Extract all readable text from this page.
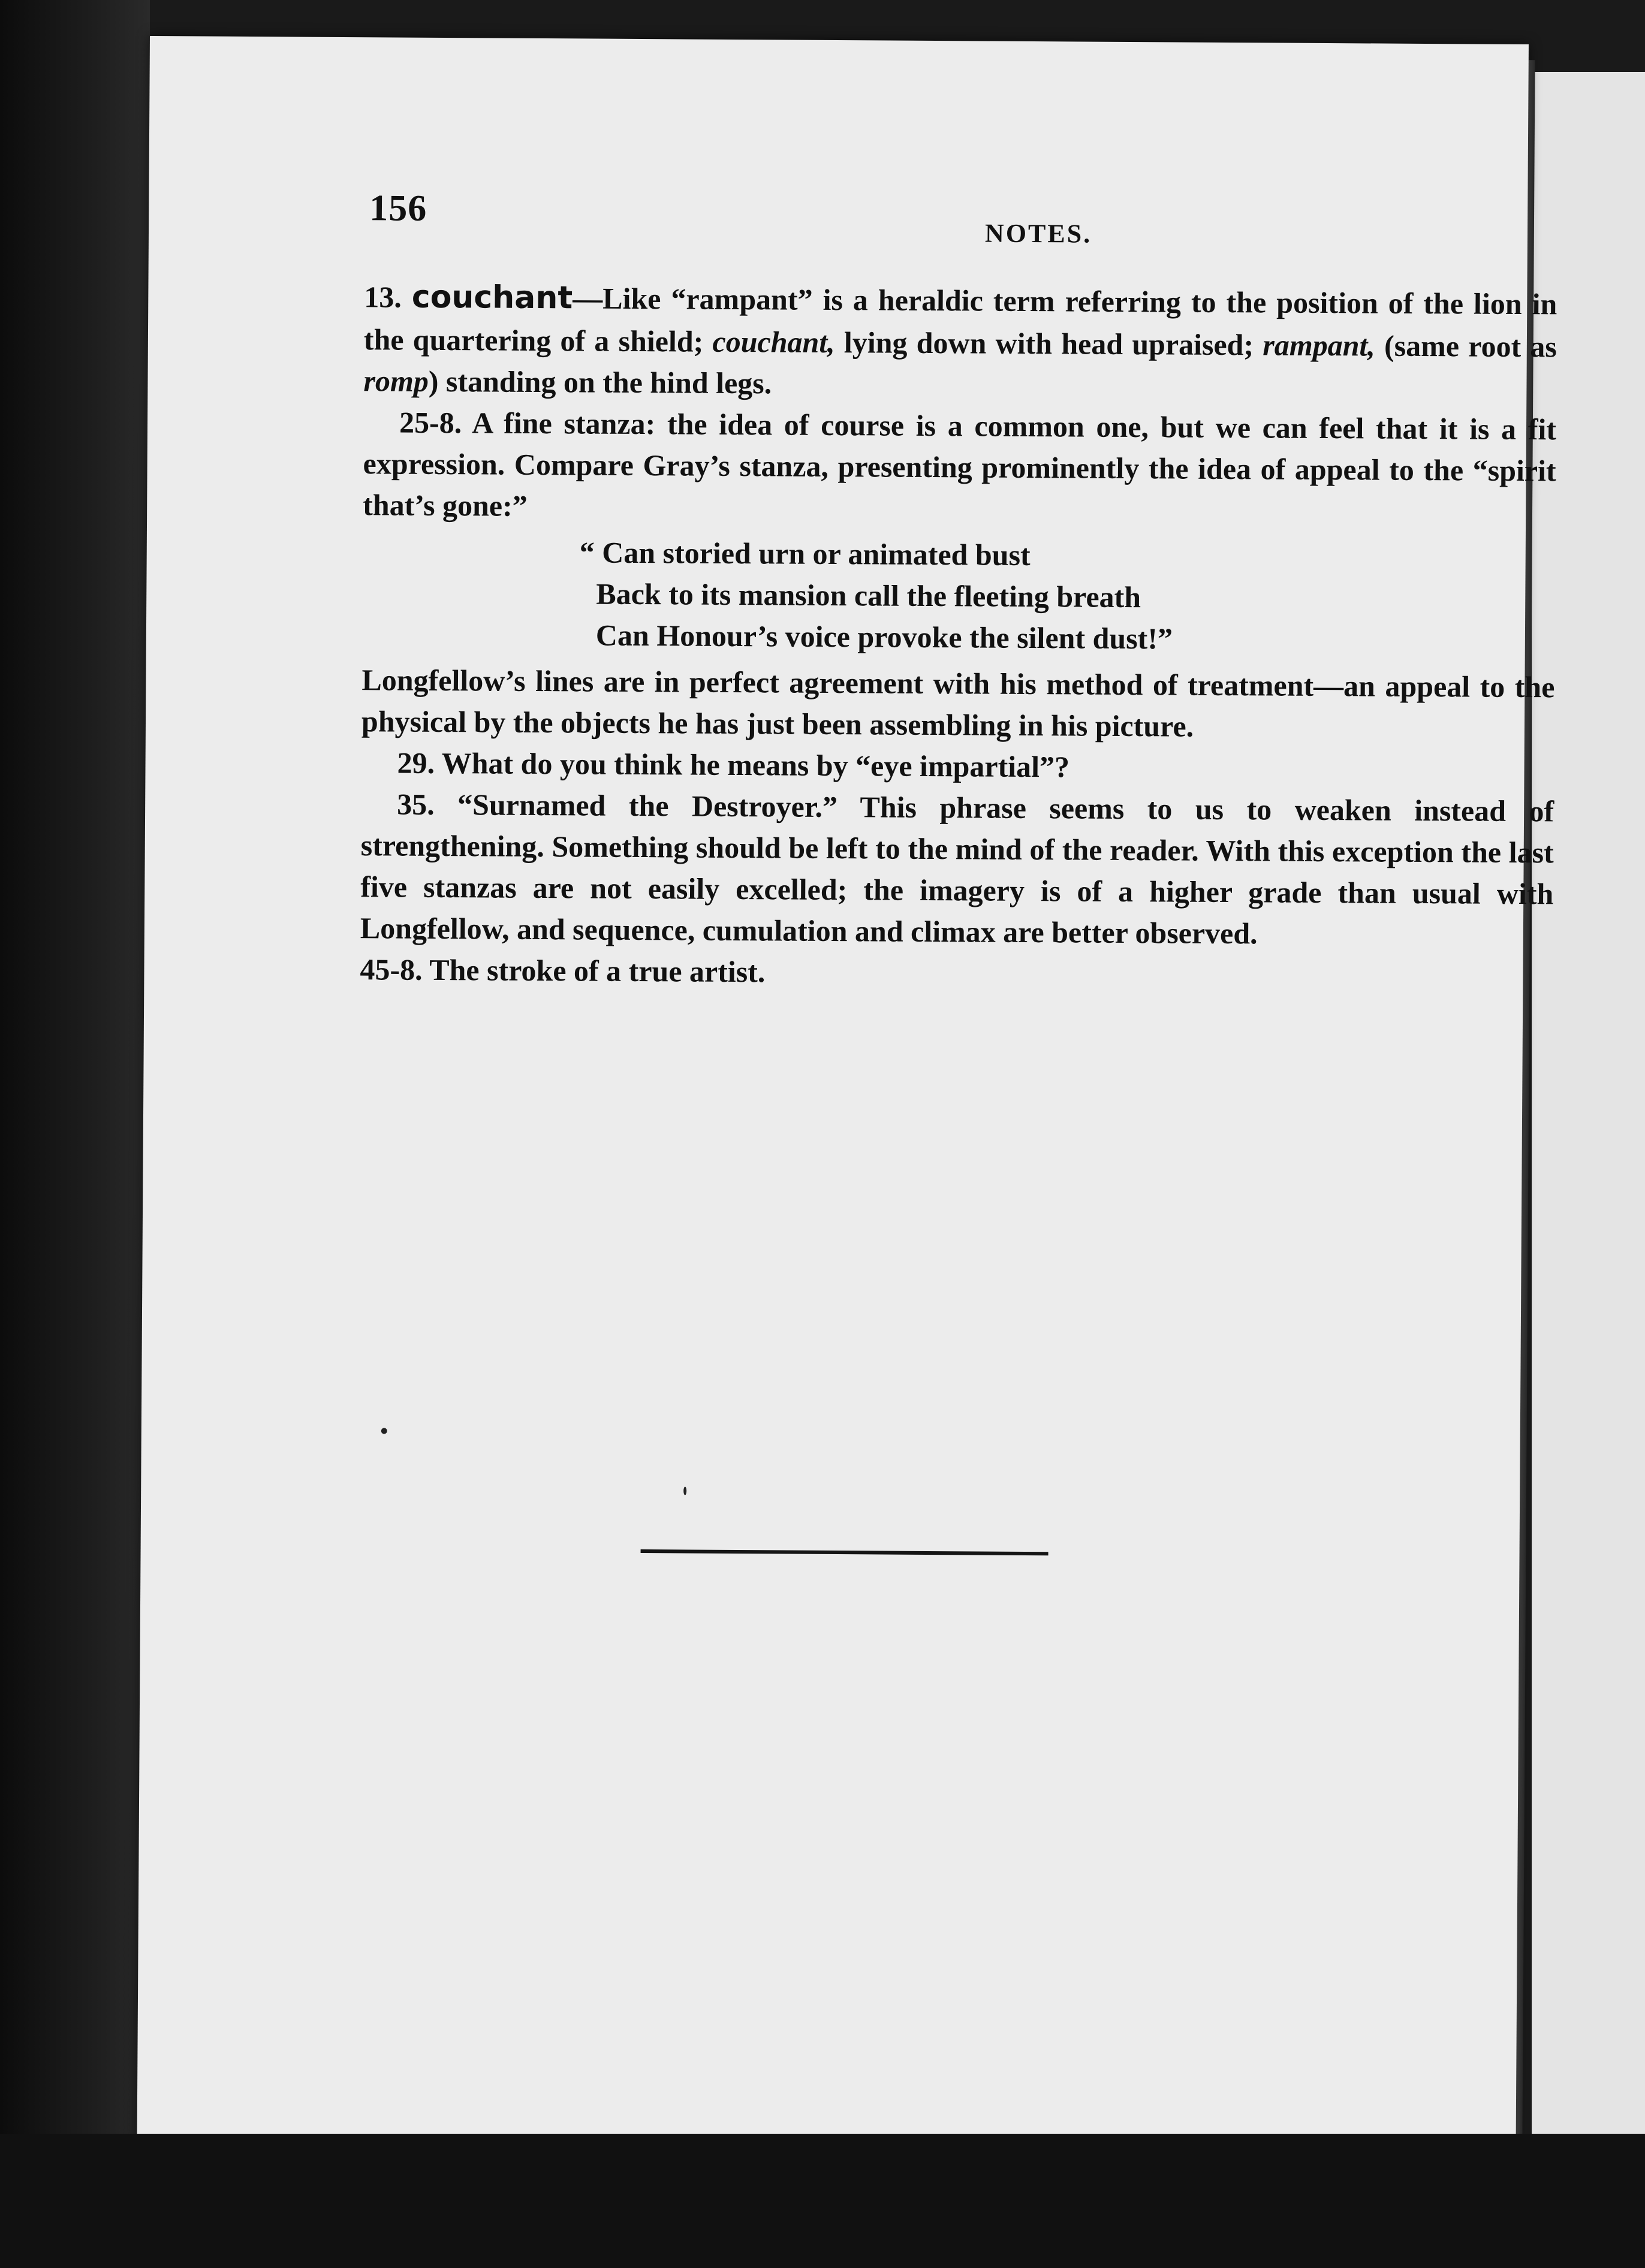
156
NOTES.

13. couchant—Like “rampant” is a heraldic term referring to the position of the lion in the quartering of a shield; couchant, lying down with head upraised; rampant, (same root as romp) standing on the hind legs.

25-8. A fine stanza: the idea of course is a common one, but we can feel that it is a fit expression. Compare Gray’s stanza, presenting prominently the idea of appeal to the “spirit that’s gone:”

“ Can storied urn or animated bust
Back to its mansion call the fleeting breath
Can Honour’s voice provoke the silent dust!”

Longfellow’s lines are in perfect agreement with his method of treatment—an appeal to the physical by the objects he has just been assembling in his picture.

29. What do you think he means by “eye impartial”?

35. “Surnamed the Destroyer.” This phrase seems to us to weaken instead of strengthening. Something should be left to the mind of the reader. With this exception the last five stanzas are not easily excelled; the imagery is of a higher grade than usual with Longfellow, and sequence, cumulation and climax are better observed.

45-8. The stroke of a true artist.
